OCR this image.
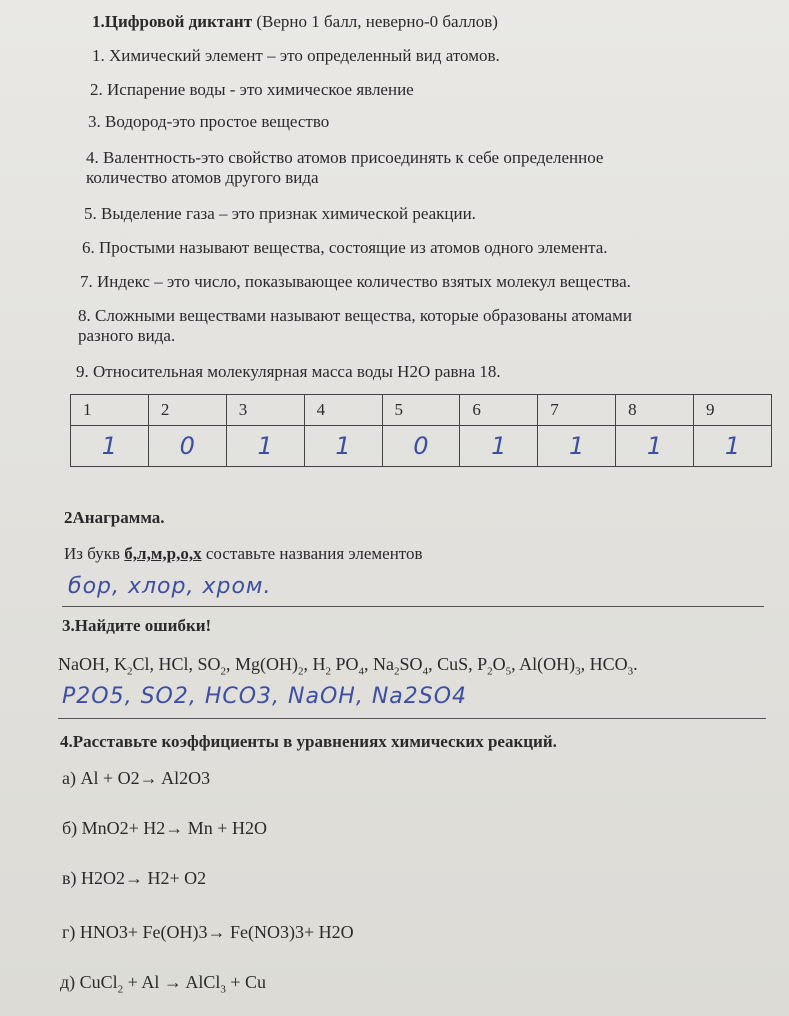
1.Цифровой диктант (Верно 1 балл, неверно-0 баллов)
1. Химический элемент – это определенный вид атомов.
2. Испарение воды - это химическое явление
3. Водород-это простое вещество
4. Валентность-это свойство атомов присоединять к себе определенное
количество атомов другого вида
5. Выделение газа – это признак химической реакции.
6. Простыми называют вещества, состоящие из атомов одного элемента.
7. Индекс – это число, показывающее количество взятых молекул вещества.
8. Сложными веществами называют вещества, которые образованы атомами
разного вида.
9. Относительная молекулярная масса воды Н2О равна 18.
1	2	3	4	5	6	7	8	9
1	0	1	1	0	1	1	1	1
2Анаграмма.
Из букв б,л,м,р,о,х составьте названия элементов
бор, хлор, хром.
3.Найдите ошибки!
NaOH, $K_2Cl$, HCl, $SO_2$, $Mg(OH)_2$, $H_2$ $PO_4$, $Na_2SO_4$, CuS, $P_2O_5$, $Al(OH)_3$, $HCO_3$.
P2O5, SO2, HCO3, NaOH, Na2SO4
4.Расставьте коэффициенты в уравнениях химических реакций.
а) Al + O2→ Al2O3
б) MnO2+ H2→ Mn + H2O
в) H2O2→ H2+ O2
г) HNO3+ Fe(OH)3→ Fe(NO3)3+ H2O
д) CuCl$_2$ + Al → AlCl$_3$ + Cu
